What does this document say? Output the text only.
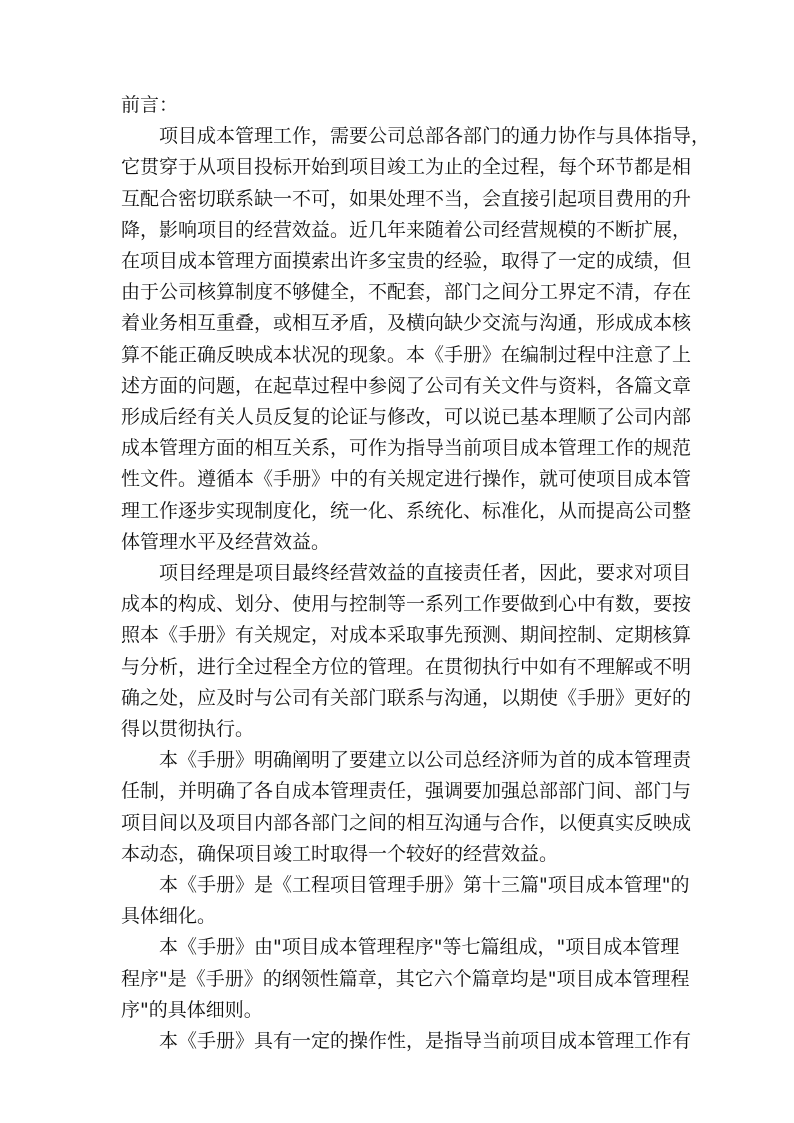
前言：
项目成本管理工作，需要公司总部各部门的通力协作与具体指导，
它贯穿于从项目投标开始到项目竣工为止的全过程，每个环节都是相
互配合密切联系缺一不可，如果处理不当，会直接引起项目费用的升
降，影响项目的经营效益。近几年来随着公司经营规模的不断扩展，
在项目成本管理方面摸索出许多宝贵的经验，取得了一定的成绩，但
由于公司核算制度不够健全，不配套，部门之间分工界定不清，存在
着业务相互重叠，或相互矛盾，及横向缺少交流与沟通，形成成本核
算不能正确反映成本状况的现象。本《手册》在编制过程中注意了上
述方面的问题，在起草过程中参阅了公司有关文件与资料，各篇文章
形成后经有关人员反复的论证与修改，可以说已基本理顺了公司内部
成本管理方面的相互关系，可作为指导当前项目成本管理工作的规范
性文件。遵循本《手册》中的有关规定进行操作，就可使项目成本管
理工作逐步实现制度化，统一化、系统化、标准化，从而提高公司整
体管理水平及经营效益。
项目经理是项目最终经营效益的直接责任者，因此，要求对项目
成本的构成、划分、使用与控制等一系列工作要做到心中有数，要按
照本《手册》有关规定，对成本采取事先预测、期间控制、定期核算
与分析，进行全过程全方位的管理。在贯彻执行中如有不理解或不明
确之处，应及时与公司有关部门联系与沟通，以期使《手册》更好的
得以贯彻执行。
本《手册》明确阐明了要建立以公司总经济师为首的成本管理责
任制，并明确了各自成本管理责任，强调要加强总部部门间、部门与
项目间以及项目内部各部门之间的相互沟通与合作，以便真实反映成
本动态，确保项目竣工时取得一个较好的经营效益。
本《手册》是《工程项目管理手册》第十三篇"项目成本管理"的
具体细化。
本《手册》由"项目成本管理程序"等七篇组成，"项目成本管理
程序"是《手册》的纲领性篇章，其它六个篇章均是"项目成本管理程
序"的具体细则。
本《手册》具有一定的操作性，是指导当前项目成本管理工作有
